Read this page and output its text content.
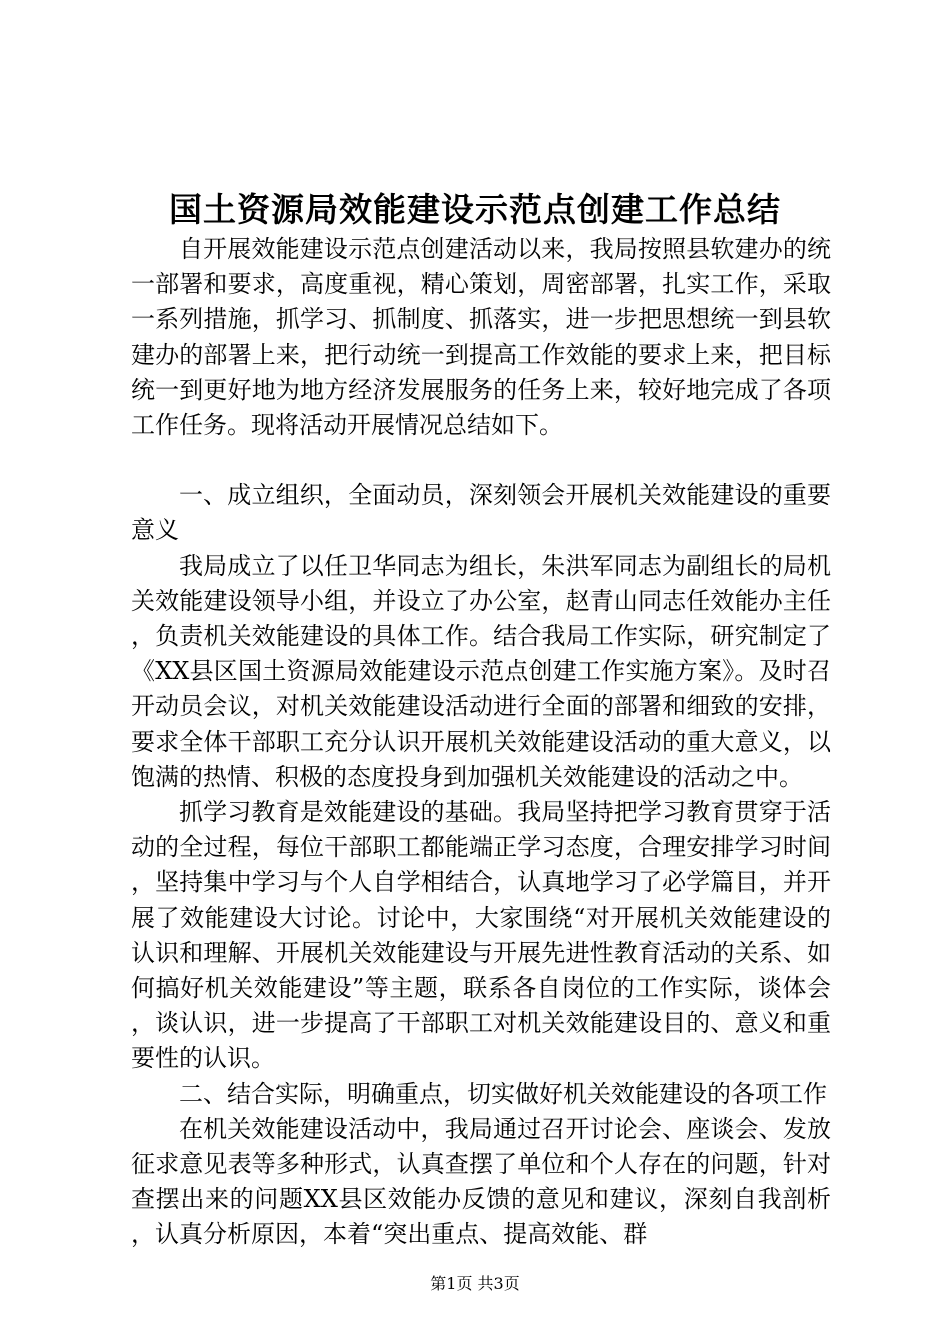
国土资源局效能建设示范点创建工作总结

自开展效能建设示范点创建活动以来，我局按照县软建办的统一部署和要求，高度重视，精心策划，周密部署，扎实工作，采取一系列措施，抓学习、抓制度、抓落实，进一步把思想统一到县软建办的部署上来，把行动统一到提高工作效能的要求上来，把目标统一到更好地为地方经济发展服务的任务上来，较好地完成了各项工作任务。现将活动开展情况总结如下。

一、成立组织，全面动员，深刻领会开展机关效能建设的重要意义

我局成立了以任卫华同志为组长，朱洪军同志为副组长的局机关效能建设领导小组，并设立了办公室，赵青山同志任效能办主任，负责机关效能建设的具体工作。结合我局工作实际，研究制定了《XX县区国土资源局效能建设示范点创建工作实施方案》。及时召开动员会议，对机关效能建设活动进行全面的部署和细致的安排，要求全体干部职工充分认识开展机关效能建设活动的重大意义，以饱满的热情、积极的态度投身到加强机关效能建设的活动之中。

抓学习教育是效能建设的基础。我局坚持把学习教育贯穿于活动的全过程，每位干部职工都能端正学习态度，合理安排学习时间，坚持集中学习与个人自学相结合，认真地学习了必学篇目，并开展了效能建设大讨论。讨论中，大家围绕“对开展机关效能建设的认识和理解、开展机关效能建设与开展先进性教育活动的关系、如何搞好机关效能建设”等主题，联系各自岗位的工作实际，谈体会，谈认识，进一步提高了干部职工对机关效能建设目的、意义和重要性的认识。

二、结合实际，明确重点，切实做好机关效能建设的各项工作

在机关效能建设活动中，我局通过召开讨论会、座谈会、发放征求意见表等多种形式，认真查摆了单位和个人存在的问题，针对查摆出来的问题XX县区效能办反馈的意见和建议，深刻自我剖析，认真分析原因，本着“突出重点、提高效能、群

第1页 共3页
